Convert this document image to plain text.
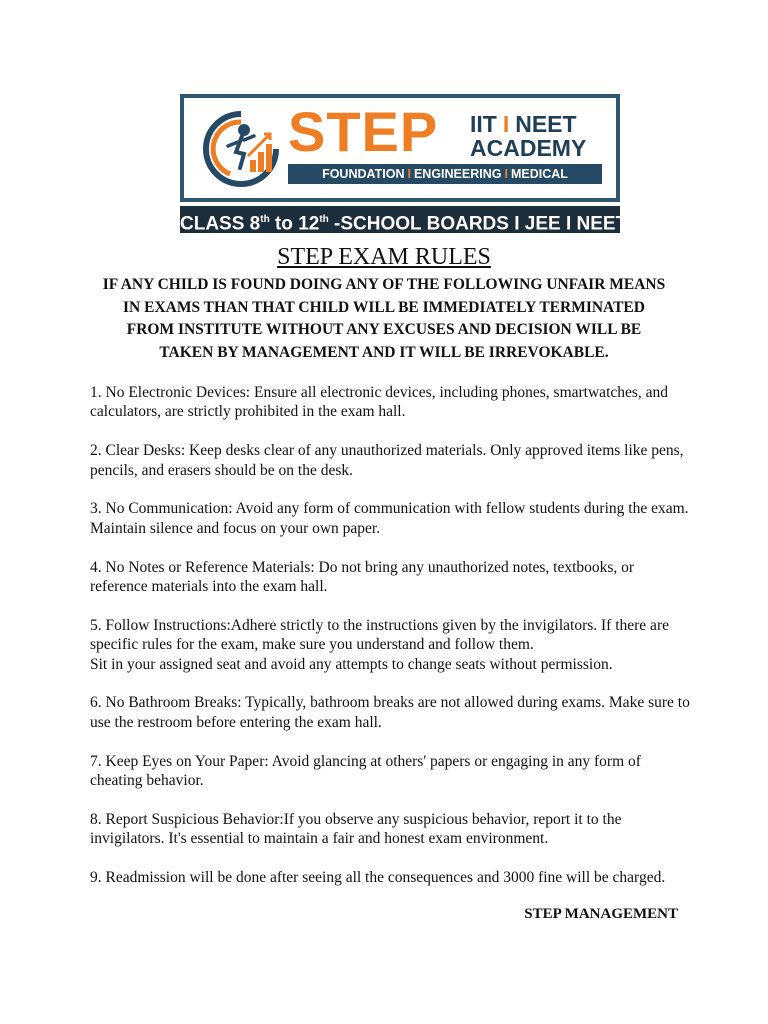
STEP IIT I NEET
ACADEMY
FOUNDATION I ENGINEERING I MEDICAL
CLASS 8th to 12th -SCHOOL BOARDS I JEE I NEET
STEP EXAM RULES
IF ANY CHILD IS FOUND DOING ANY OF THE FOLLOWING UNFAIR MEANS IN EXAMS THAN THAT CHILD WILL BE IMMEDIATELY TERMINATED FROM INSTITUTE WITHOUT ANY EXCUSES AND DECISION WILL BE TAKEN BY MANAGEMENT AND IT WILL BE IRREVOKABLE.
1. No Electronic Devices: Ensure all electronic devices, including phones, smartwatches, and calculators, are strictly prohibited in the exam hall.
2. Clear Desks: Keep desks clear of any unauthorized materials. Only approved items like pens, pencils, and erasers should be on the desk.
3. No Communication: Avoid any form of communication with fellow students during the exam. Maintain silence and focus on your own paper.
4. No Notes or Reference Materials: Do not bring any unauthorized notes, textbooks, or reference materials into the exam hall.
5. Follow Instructions:Adhere strictly to the instructions given by the invigilators. If there are specific rules for the exam, make sure you understand and follow them.
Sit in your assigned seat and avoid any attempts to change seats without permission.
6. No Bathroom Breaks: Typically, bathroom breaks are not allowed during exams. Make sure to use the restroom before entering the exam hall.
7. Keep Eyes on Your Paper: Avoid glancing at others' papers or engaging in any form of cheating behavior.
8. Report Suspicious Behavior:If you observe any suspicious behavior, report it to the invigilators. It's essential to maintain a fair and honest exam environment.
9. Readmission will be done after seeing all the consequences and 3000 fine will be charged.
STEP MANAGEMENT
